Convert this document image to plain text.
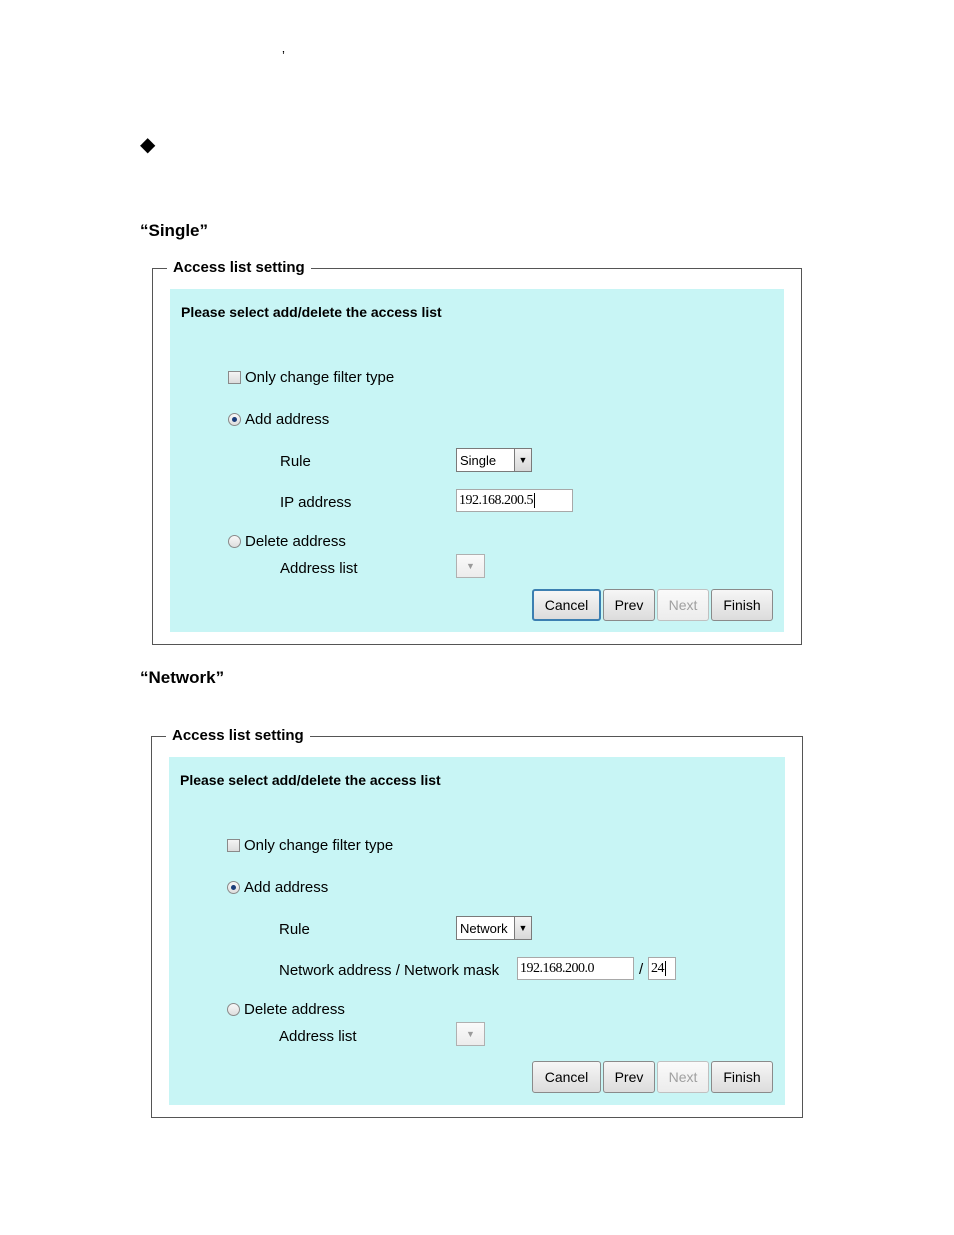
’
◆
“Single”
Access list setting
Please select add/delete the access list
Only change filter type
Add address
Rule	Single	▼
IP address	192.168.200.5
Delete address
Address list	▼
Cancel	Prev	Next	Finish
“Network”
Access list setting
Please select add/delete the access list
Only change filter type
Add address
Rule	Network	▼
Network address / Network mask 192.168.200.0	/ 24
Delete address
Address list	▼
Cancel	Prev	Next	Finish
